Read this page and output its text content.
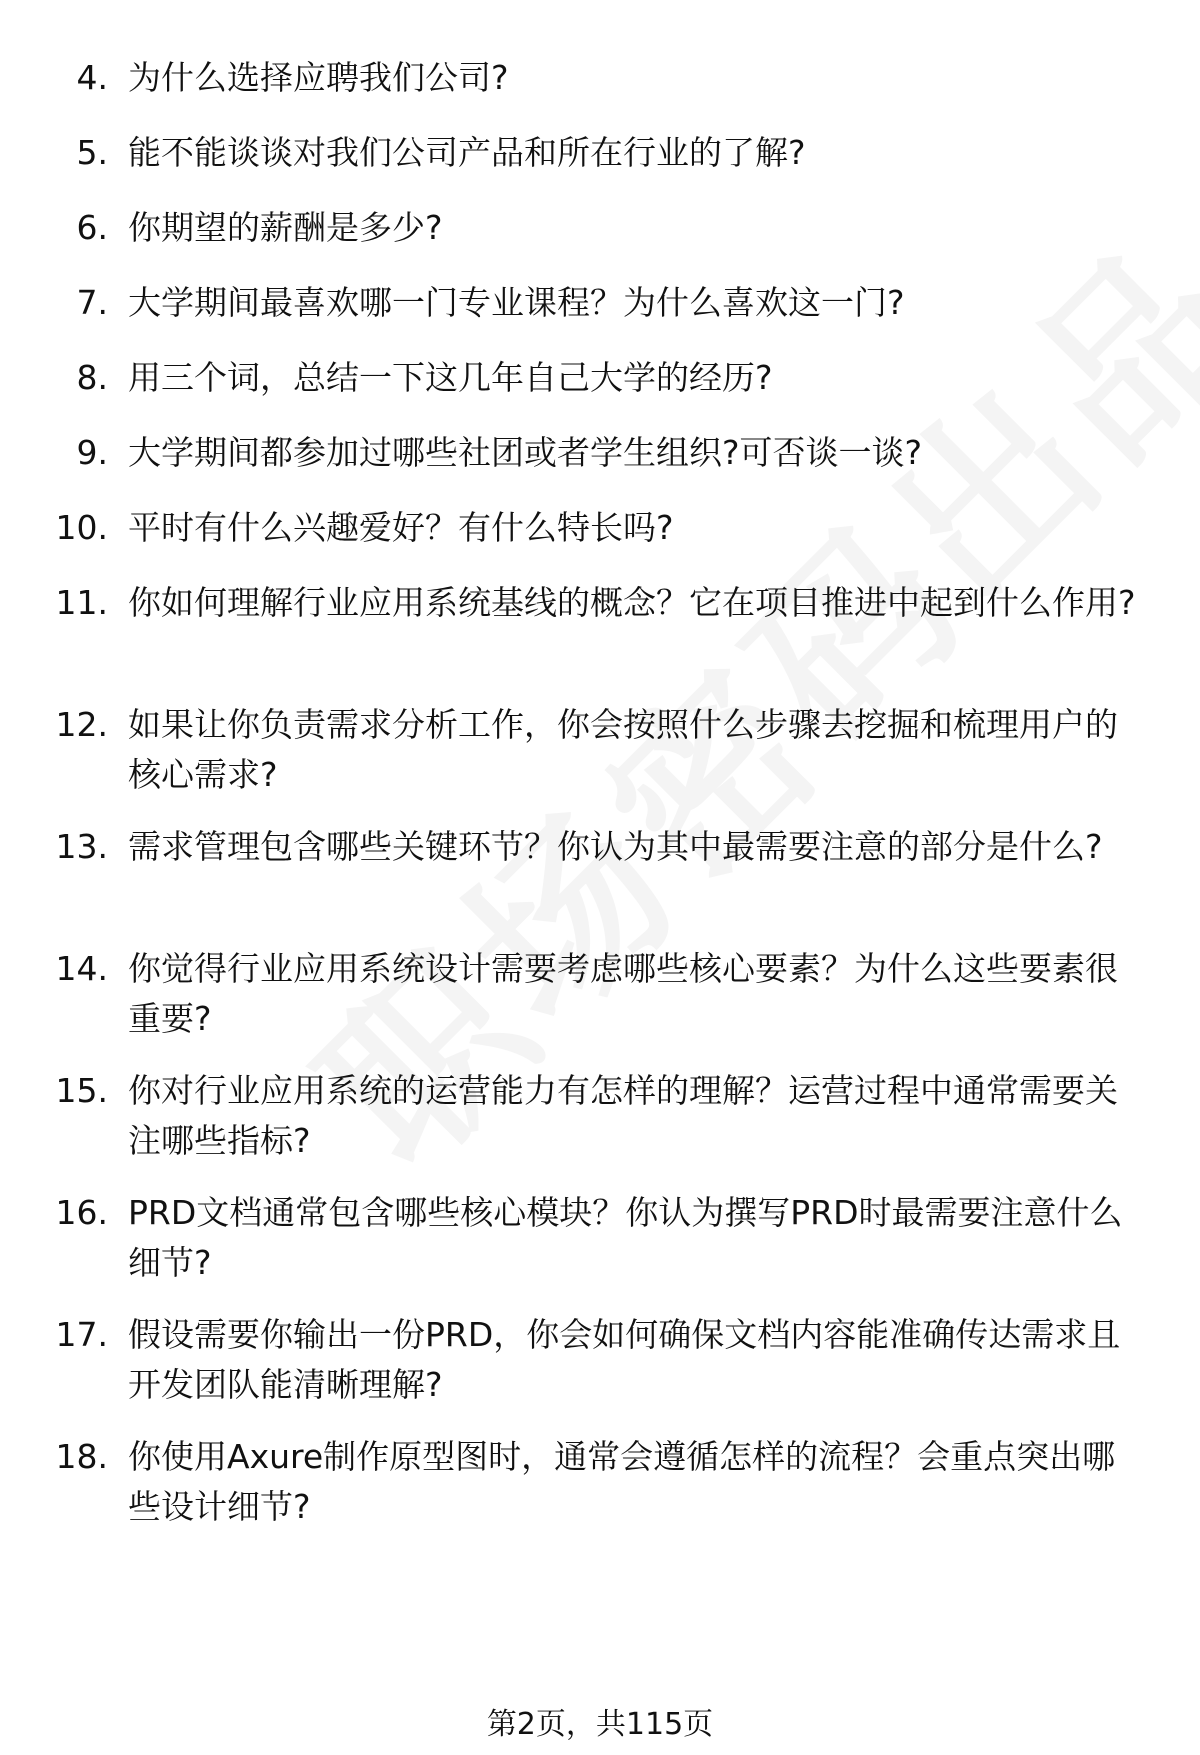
4. 为什么选择应聘我们公司?
5. 能不能谈谈对我们公司产品和所在行业的了解?
6. 你期望的薪酬是多少?
7. 大学期间最喜欢哪一门专业课程？为什么喜欢这一门?
8. 用三个词，总结一下这几年自己大学的经历?
9. 大学期间都参加过哪些社团或者学生组织?可否谈一谈?
10. 平时有什么兴趣爱好？有什么特长吗?
11. 你如何理解行业应用系统基线的概念？它在项目推进中起到什么作用?
12. 如果让你负责需求分析工作，你会按照什么步骤去挖掘和梳理用户的核心需求?
13. 需求管理包含哪些关键环节？你认为其中最需要注意的部分是什么?
14. 你觉得行业应用系统设计需要考虑哪些核心要素？为什么这些要素很重要?
15. 你对行业应用系统的运营能力有怎样的理解？运营过程中通常需要关注哪些指标?
16. PRD文档通常包含哪些核心模块？你认为撰写PRD时最需要注意什么细节?
17. 假设需要你输出一份PRD，你会如何确保文档内容能准确传达需求且开发团队能清晰理解?
18. 你使用Axure制作原型图时，通常会遵循怎样的流程？会重点突出哪些设计细节?
第2页，共115页
